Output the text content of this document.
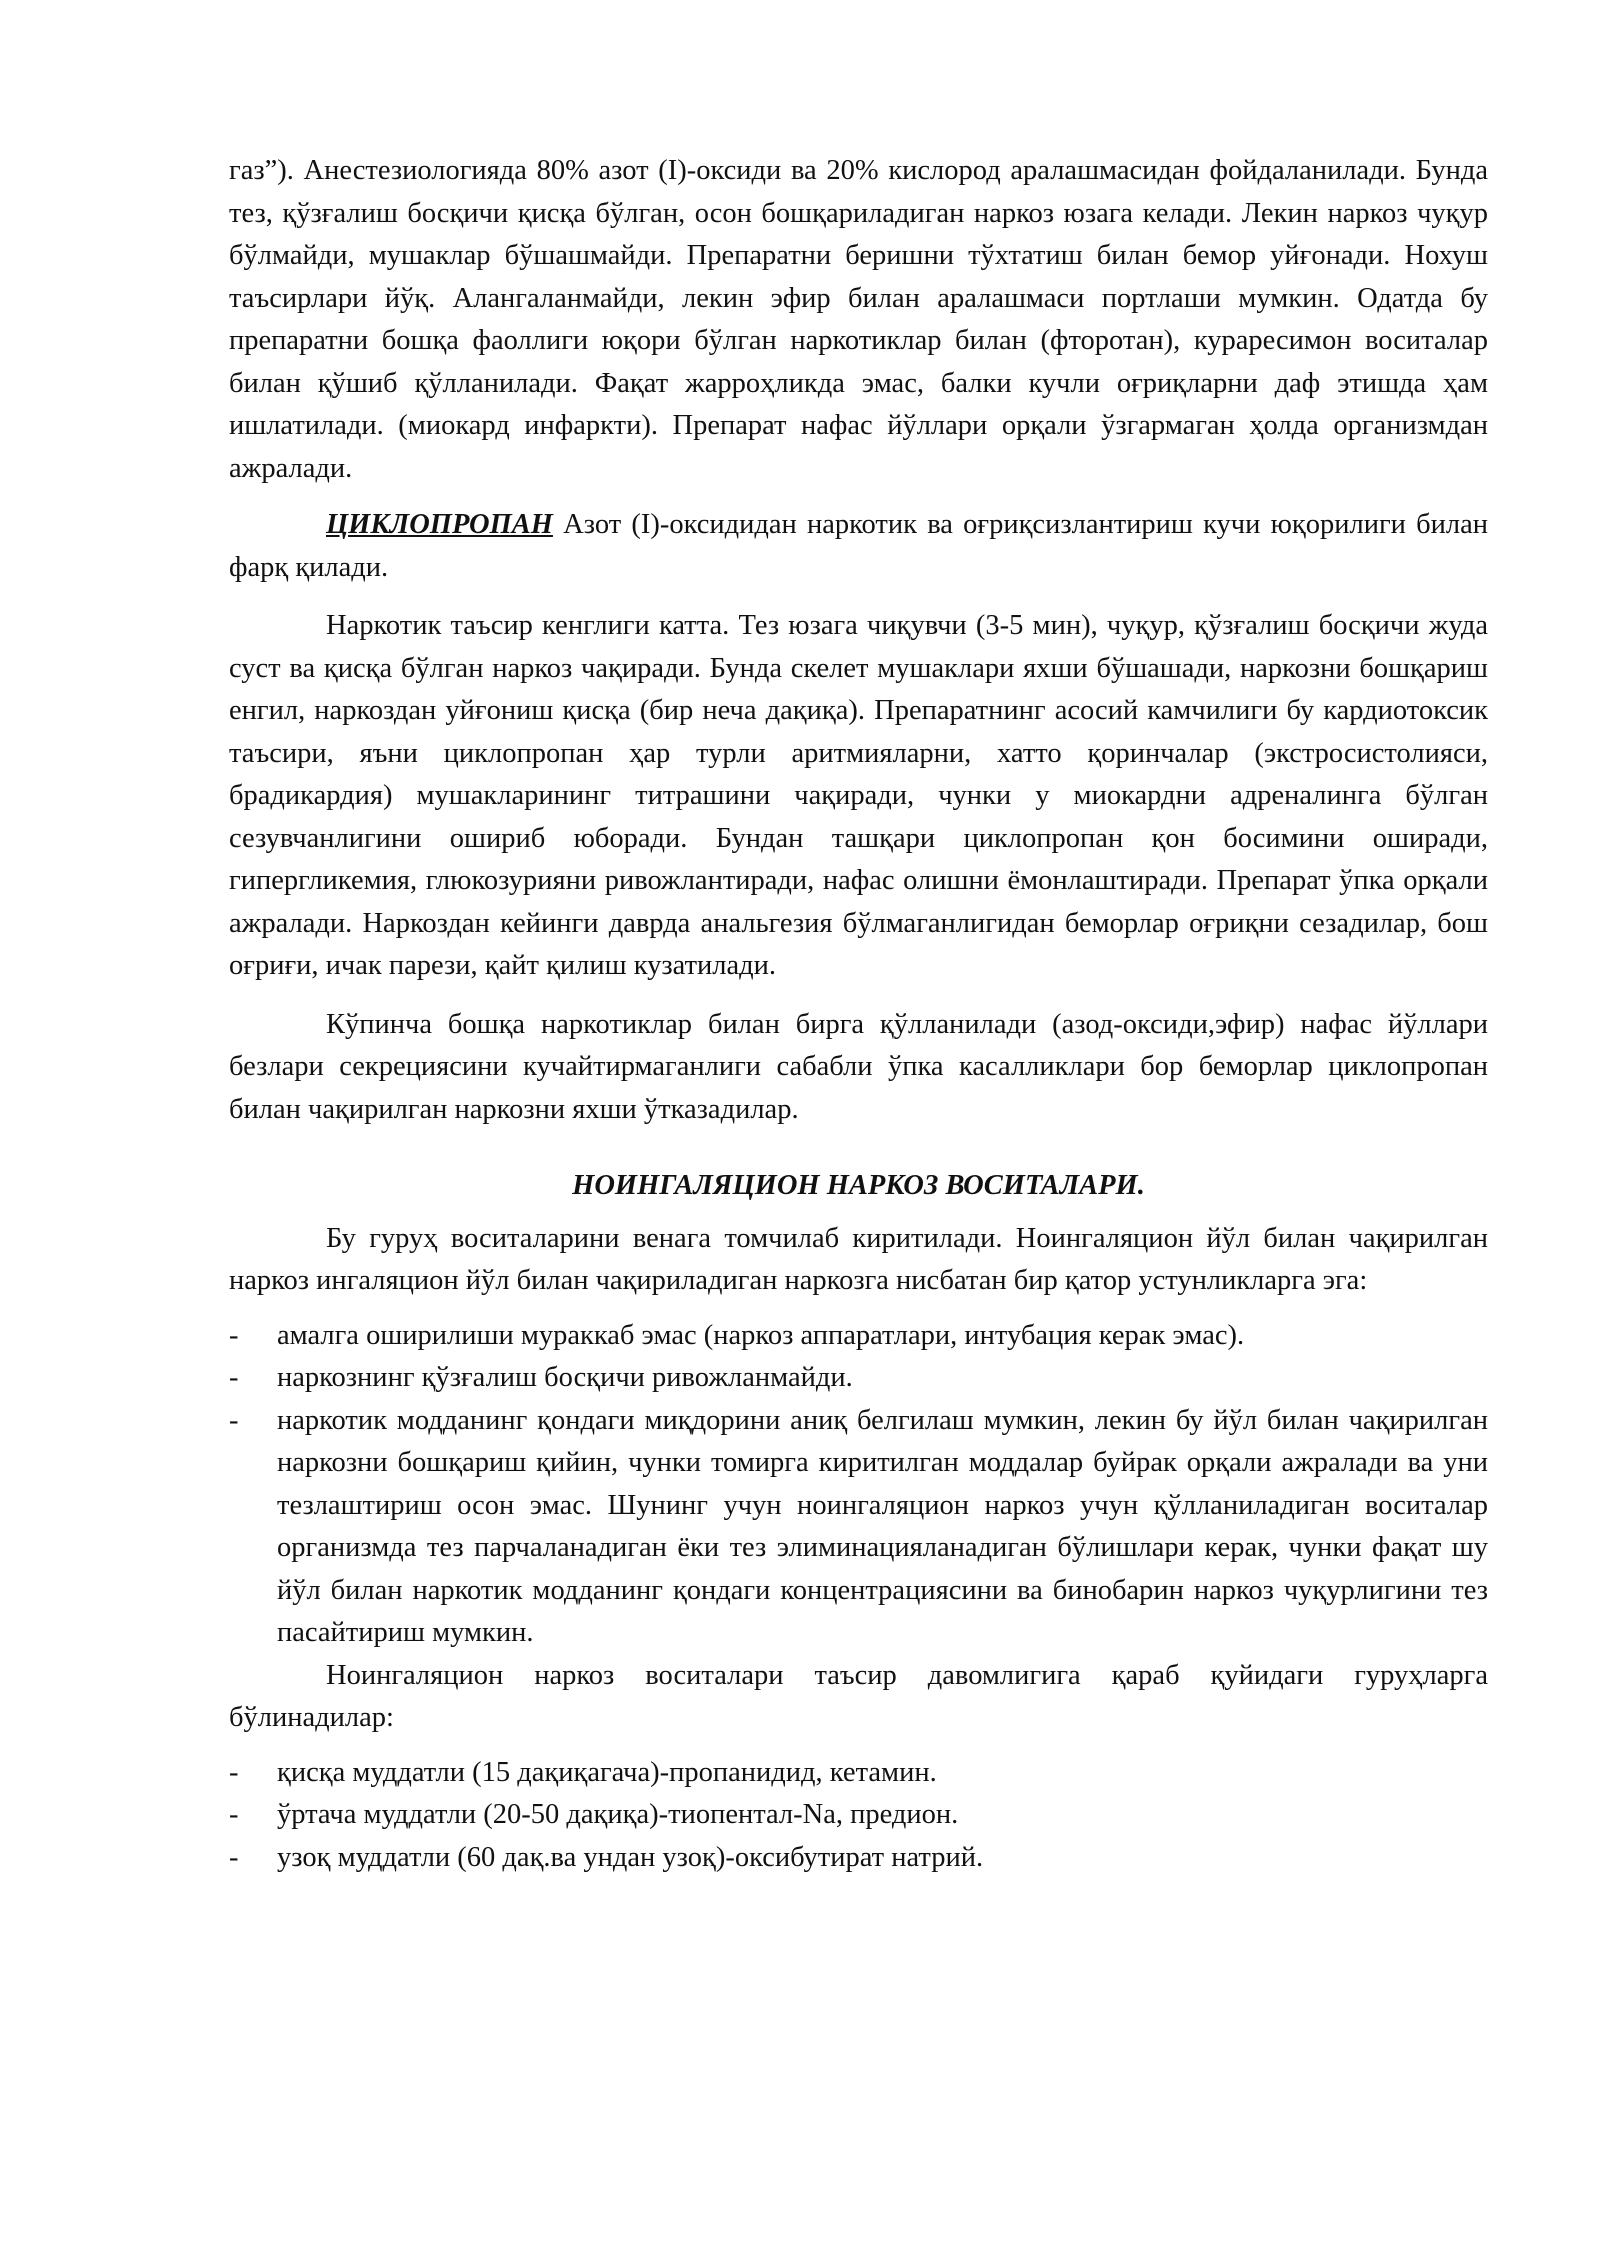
газ”). Анестезиологияда 80% азот (I)-оксиди ва 20% кислород аралашмасидан фойдаланилади. Бунда тез, қўзғалиш босқичи қисқа бўлган, осон бошқариладиган наркоз юзага келади. Лекин наркоз чуқур бўлмайди, мушаклар бўшашмайди. Препаратни беришни тўхтатиш билан бемор уйғонади. Нохуш таъсирлари йўқ. Алангаланмайди, лекин эфир билан аралашмаси портлаши мумкин. Одатда бу препаратни бошқа фаоллиги юқори бўлган наркотиклар билан (фторотан), кураресимон воситалар билан қўшиб қўлланилади. Фақат жарроҳликда эмас, балки кучли оғриқларни даф этишда ҳам ишлатилади. (миокард инфаркти). Препарат нафас йўллари орқали ўзгармаган ҳолда организмдан ажралади.

ЦИКЛОПРОПАН Азот (I)-оксидидан наркотик ва оғриқсизлантириш кучи юқорилиги билан фарқ қилади.

Наркотик таъсир кенглиги катта. Тез юзага чиқувчи (3-5 мин), чуқур, қўзғалиш босқичи жуда суст ва қисқа бўлган наркоз чақиради. Бунда скелет мушаклари яхши бўшашади, наркозни бошқариш енгил, наркоздан уйғониш қисқа (бир неча дақиқа). Препаратнинг асосий камчилиги бу кардиотоксик таъсири, яъни циклопропан ҳар турли аритмияларни, хатто қоринчалар (экстросистолияси, брадикардия) мушакларининг титрашини чақиради, чунки у миокардни адреналинга бўлган сезувчанлигини ошириб юборади. Бундан ташқари циклопропан қон босимини оширади, гипергликемия, глюкозурияни ривожлантиради, нафас олишни ёмонлаштиради. Препарат ўпка орқали ажралади. Наркоздан кейинги даврда анальгезия бўлмаганлигидан беморлар оғриқни сезадилар, бош оғриғи, ичак парези, қайт қилиш кузатилади.

Кўпинча бошқа наркотиклар билан бирга қўлланилади (азод-оксиди,эфир) нафас йўллари безлари секрециясини кучайтирмаганлиги сабабли ўпка касалликлари бор беморлар циклопропан билан чақирилган наркозни яхши ўтказадилар.

НОИНГАЛЯЦИОН НАРКОЗ ВОСИТАЛАРИ.

Бу гуруҳ воситаларини венага томчилаб киритилади. Ноингаляцион йўл билан чақирилган наркоз ингаляцион йўл билан чақириладиган наркозга нисбатан бир қатор устунликларга эга:

- амалга оширилиши мураккаб эмас (наркоз аппаратлари, интубация керак эмас).
- наркознинг қўзғалиш босқичи ривожланмайди.
- наркотик модданинг қондаги миқдорини аниқ белгилаш мумкин, лекин бу йўл билан чақирилган наркозни бошқариш қийин, чунки томирга киритилган моддалар буйрак орқали ажралади ва уни тезлаштириш осон эмас. Шунинг учун ноингаляцион наркоз учун қўлланиладиган воситалар организмда тез парчаланадиган ёки тез элиминацияланадиган бўлишлари керак, чунки фақат шу йўл билан наркотик модданинг қондаги концентрациясини ва бинобарин наркоз чуқурлигини тез пасайтириш мумкин.

Ноингаляцион наркоз воситалари таъсир давомлигига қараб қуйидаги гуруҳларга бўлинадилар:

- қисқа муддатли (15 дақиқагача)-пропанидид, кетамин.
- ўртача муддатли (20-50 дақиқа)-тиопентал-Na, предион.
- узоқ муддатли (60 дақ.ва ундан узоқ)-оксибутират натрий.
